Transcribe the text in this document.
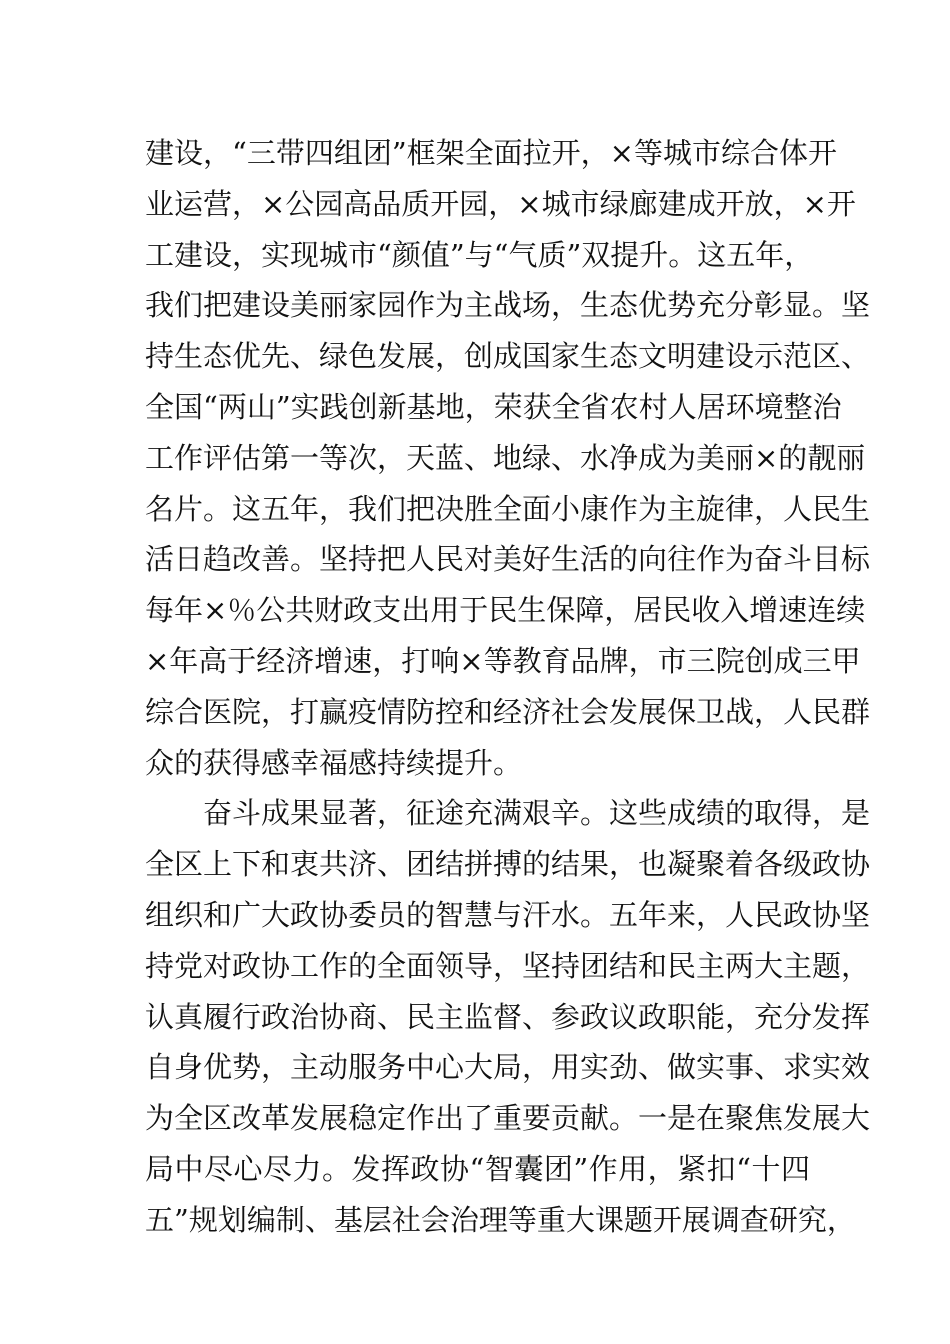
建设，“三带四组团”框架全面拉开，×等城市综合体开
业运营，×公园高品质开园，×城市绿廊建成开放，×开
工建设，实现城市“颜值”与“气质”双提升。这五年，
我们把建设美丽家园作为主战场，生态优势充分彰显。坚
持生态优先、绿色发展，创成国家生态文明建设示范区、
全国“两山”实践创新基地，荣获全省农村人居环境整治
工作评估第一等次，天蓝、地绿、水净成为美丽×的靓丽
名片。这五年，我们把决胜全面小康作为主旋律，人民生
活日趋改善。坚持把人民对美好生活的向往作为奋斗目标
每年×％公共财政支出用于民生保障，居民收入增速连续
×年高于经济增速，打响×等教育品牌，市三院创成三甲
综合医院，打赢疫情防控和经济社会发展保卫战，人民群
众的获得感幸福感持续提升。
奋斗成果显著，征途充满艰辛。这些成绩的取得，是
全区上下和衷共济、团结拼搏的结果，也凝聚着各级政协
组织和广大政协委员的智慧与汗水。五年来，人民政协坚
持党对政协工作的全面领导，坚持团结和民主两大主题，
认真履行政治协商、民主监督、参政议政职能，充分发挥
自身优势，主动服务中心大局，用实劲、做实事、求实效
为全区改革发展稳定作出了重要贡献。一是在聚焦发展大
局中尽心尽力。发挥政协“智囊团”作用，紧扣“十四
五”规划编制、基层社会治理等重大课题开展调查研究，
